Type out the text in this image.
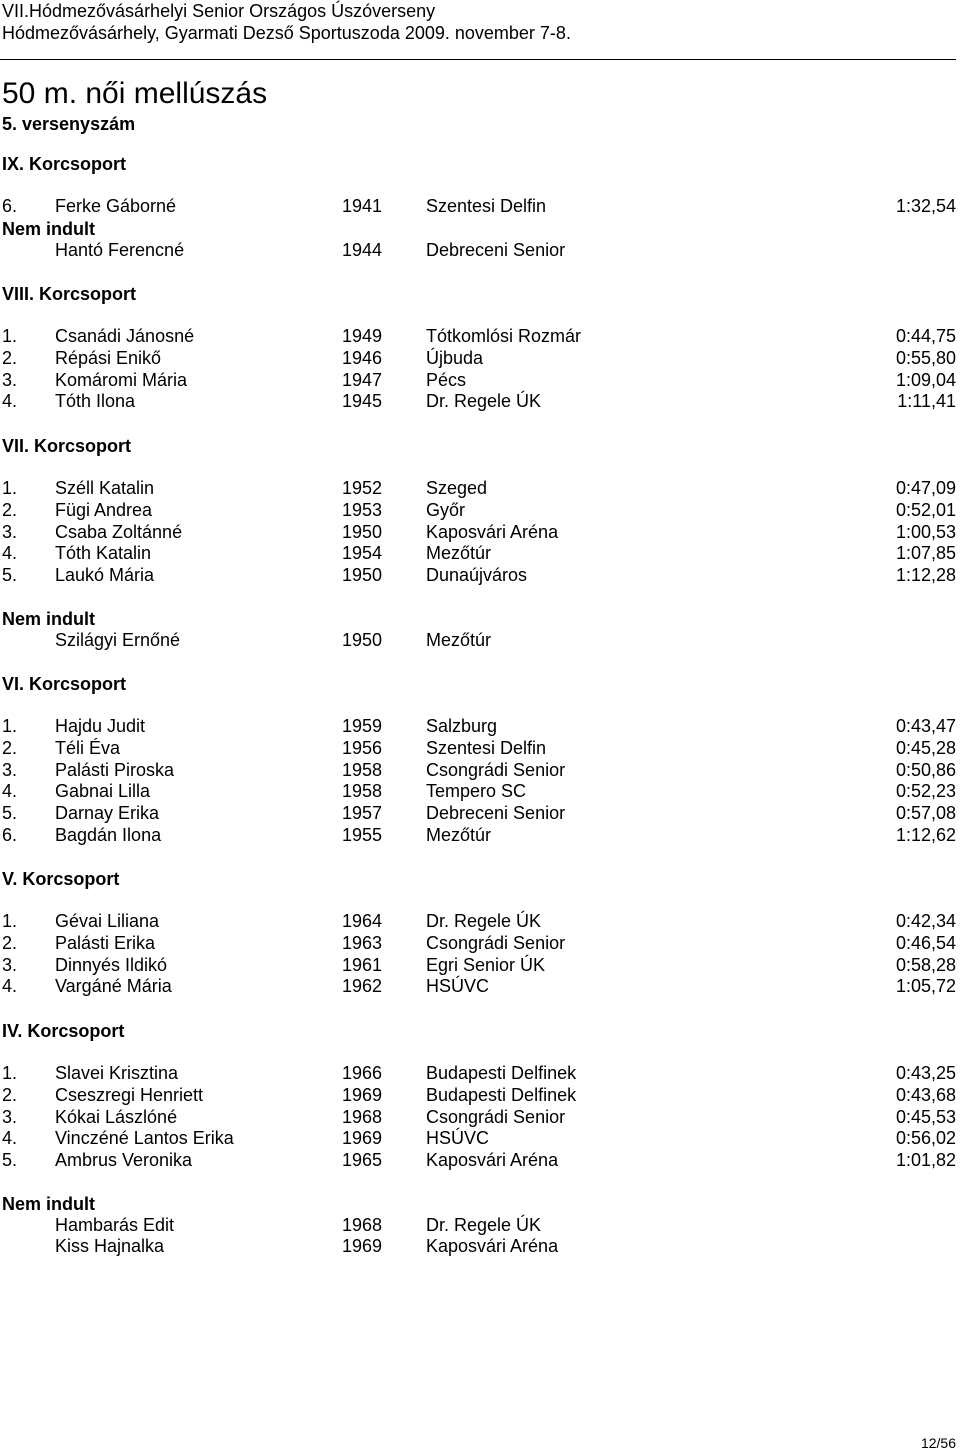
VII.Hódmezővásárhelyi Senior Országos Úszóverseny
Hódmezővásárhely, Gyarmati Dezső Sportuszoda 2009. november 7-8.
50 m. női mellúszás
5. versenyszám
IX. Korcsoport
6.	Ferke Gáborné	1941 Szentesi Delfin	1:32,54
Nem indult
Hantó Ferencné	1944 Debreceni Senior
VIII. Korcsoport
1.	Csanádi Jánosné	1949 Tótkomlósi Rozmár	0:44,75
2.	Répási Enikő	1946 Újbuda	0:55,80
3.	Komáromi Mária	1947 Pécs	1:09,04
4.	Tóth Ilona	1945 Dr. Regele ÚK	1:11,41
VII. Korcsoport
1.	Széll Katalin	1952 Szeged	0:47,09
2.	Fügi Andrea	1953 Győr	0:52,01
3.	Csaba Zoltánné	1950 Kaposvári Aréna	1:00,53
4.	Tóth Katalin	1954 Mezőtúr	1:07,85
5.	Laukó Mária	1950 Dunaújváros	1:12,28
Nem indult
Szilágyi Ernőné	1950 Mezőtúr
VI. Korcsoport
1.	Hajdu Judit	1959 Salzburg	0:43,47
2.	Téli Éva	1956 Szentesi Delfin	0:45,28
3.	Palásti Piroska	1958 Csongrádi Senior	0:50,86
4.	Gabnai Lilla	1958 Tempero SC	0:52,23
5.	Darnay Erika	1957 Debreceni Senior	0:57,08
6.	Bagdán Ilona	1955 Mezőtúr	1:12,62
V. Korcsoport
1.	Gévai Liliana	1964 Dr. Regele ÚK	0:42,34
2.	Palásti Erika	1963 Csongrádi Senior	0:46,54
3.	Dinnyés Ildikó	1961 Egri Senior ÚK	0:58,28
4.	Vargáné Mária	1962 HSÚVC	1:05,72
IV. Korcsoport
1.	Slavei Krisztina	1966 Budapesti Delfinek	0:43,25
2.	Cseszregi Henriett	1969 Budapesti Delfinek	0:43,68
3.	Kókai Lászlóné	1968 Csongrádi Senior	0:45,53
4.	Vinczéné Lantos Erika	1969 HSÚVC	0:56,02
5.	Ambrus Veronika	1965 Kaposvári Aréna	1:01,82
Nem indult
Hambarás Edit	1968 Dr. Regele ÚK
Kiss Hajnalka	1969 Kaposvári Aréna
12/56
